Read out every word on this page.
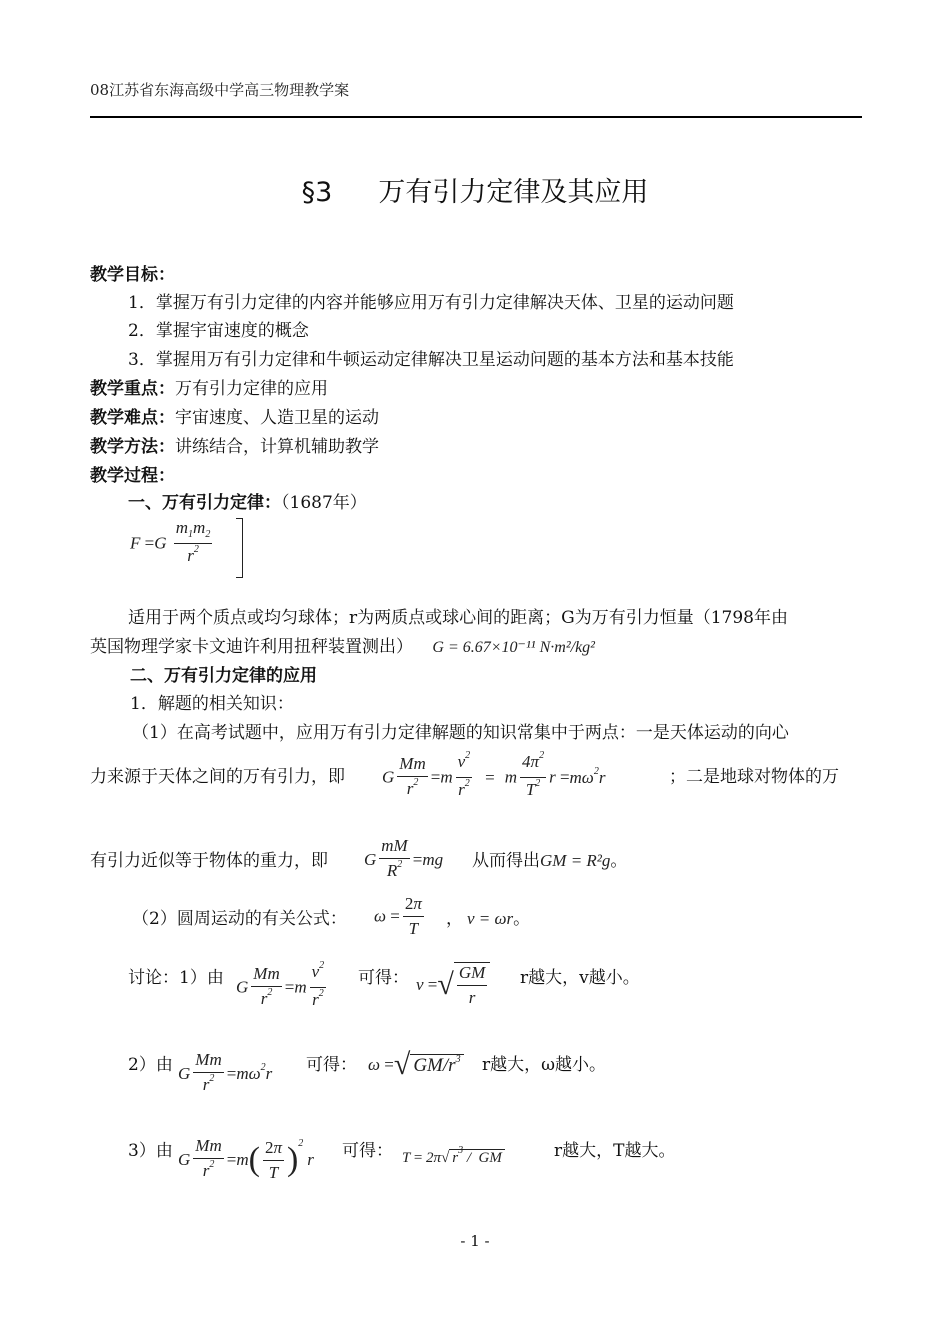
08江苏省东海高级中学高三物理教学案
§3 万有引力定律及其应用
教学目标：
1．掌握万有引力定律的内容并能够应用万有引力定律解决天体、卫星的运动问题
2．掌握宇宙速度的概念
3．掌握用万有引力定律和牛顿运动定律解决卫星运动问题的基本方法和基本技能
教学重点：万有引力定律的应用
教学难点：宇宙速度、人造卫星的运动
教学方法：讲练结合，计算机辅助教学
教学过程：
一、万有引力定律：（1687年）
$F =G \frac{m_1m_2}{r^2}$
适用于两个质点或均匀球体；r为两质点或球心间的距离；G为万有引力恒量（1798年由
英国物理学家卡文迪许利用扭秤装置测出） G = 6.67×10⁻¹¹ N·m²/kg²
二、万有引力定律的应用
1．解题的相关知识：
（1）在高考试题中，应用万有引力定律解题的知识常集中于两点：一是天体运动的向心
力来源于天体之间的万有引力，即 G $\frac{Mm}{r^2} =m \frac{v^2}{r^2} = m \frac{4\pi^2}{T^2}$ $r =m\omega^2r$	；二是地球对物体的万
有引力近似等于物体的重力，即 G $\frac{mM}{R^2} =mg$ 从而得出GM = R²g。
（2）圆周运动的有关公式： $\omega = \frac{2\pi}{T}$ ， v = ωr。
讨论：1）由 G $\frac{Mm}{r^2} =m \frac{v^2}{r^2}$ 可得： v =√ $\frac{GM}{r}$ r越大，v越小。
2）由 G $\frac{Mm}{r^2} =m\omega^2r$ 可得： ω =√ $GM/r^3$ r越大，ω越小。
3）由 G $\frac{Mm}{r^2} =m( \frac{2\pi}{T} )^2r$ 可得： T = 2π√ $r^3$ /  GM	r越大，T越大。
- 1 -
